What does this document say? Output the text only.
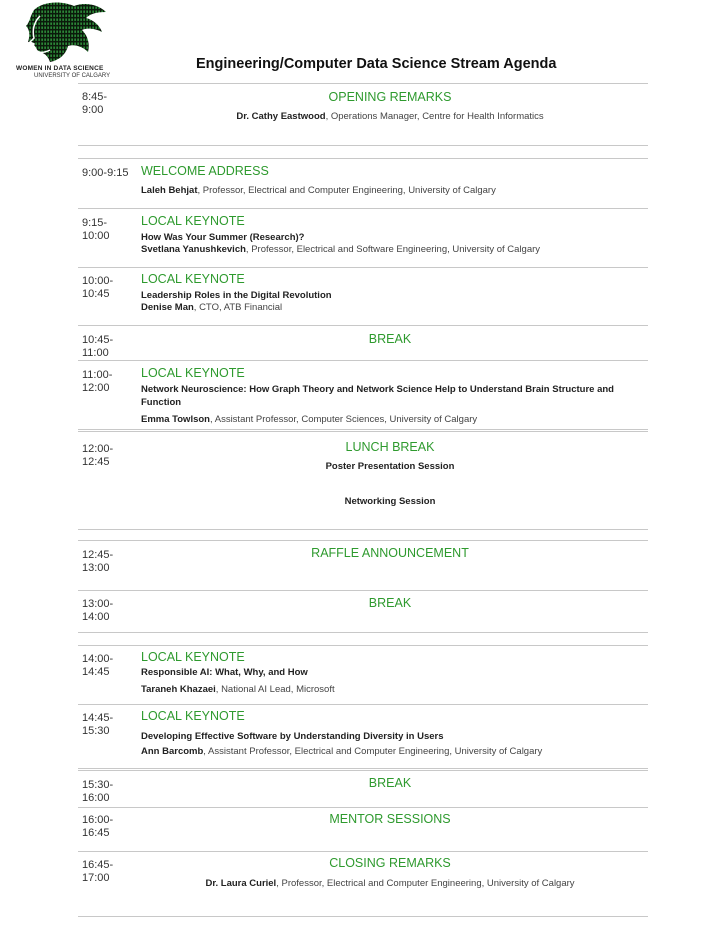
WOMEN IN DATA SCIENCE
UNIVERSITY OF CALGARY
Engineering/Computer Data Science Stream Agenda
8:45-
9:00
OPENING REMARKS
Dr. Cathy Eastwood, Operations Manager, Centre for Health Informatics
9:00-9:15	WELCOME ADDRESS
Laleh Behjat, Professor, Electrical and Computer Engineering, University of Calgary
9:15-
10:00
LOCAL KEYNOTE
How Was Your Summer (Research)?
Svetlana Yanushkevich, Professor, Electrical and Software Engineering, University of Calgary
10:00-
10:45
LOCAL KEYNOTE
Leadership Roles in the Digital Revolution
Denise Man, CTO, ATB Financial
10:45-
11:00
BREAK
11:00-
12:00
LOCAL KEYNOTE
Network Neuroscience: How Graph Theory and Network Science Help to Understand Brain Structure and
Function
Emma Towlson, Assistant Professor, Computer Sciences, University of Calgary
12:00-
12:45
LUNCH BREAK
Poster Presentation Session
Networking Session
12:45-
13:00
RAFFLE ANNOUNCEMENT
13:00-
14:00
BREAK
14:00-
14:45
LOCAL KEYNOTE
Responsible AI: What, Why, and How
Taraneh Khazaei, National AI Lead, Microsoft
14:45-
15:30
LOCAL KEYNOTE
Developing Effective Software by Understanding Diversity in Users
Ann Barcomb, Assistant Professor, Electrical and Computer Engineering, University of Calgary
15:30-
16:00
BREAK
16:00-
16:45
MENTOR SESSIONS
16:45-
17:00
CLOSING REMARKS
Dr. Laura Curiel, Professor, Electrical and Computer Engineering, University of Calgary
